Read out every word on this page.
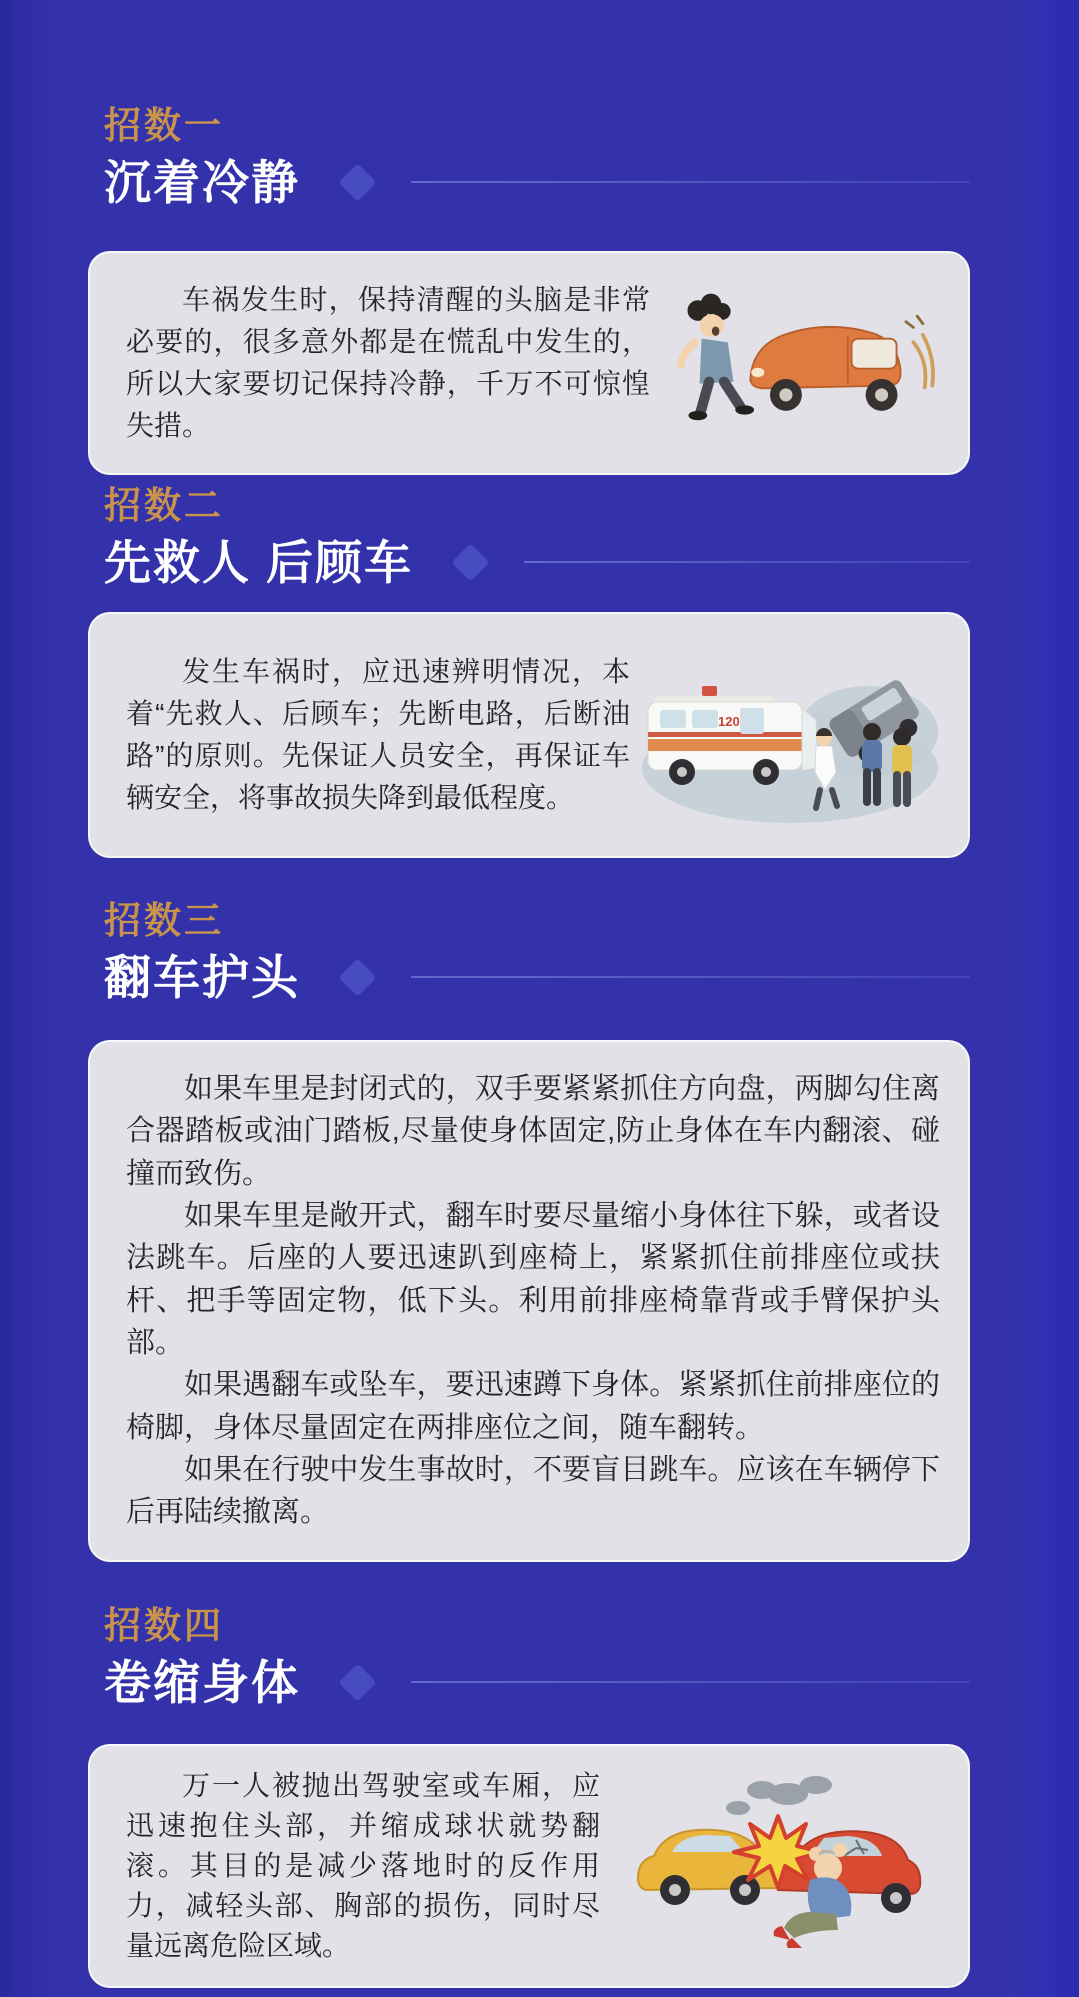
招数一
沉着冷静

车祸发生时，保持清醒的头脑是非常必要的，很多意外都是在慌乱中发生的，所以大家要切记保持冷静，千万不可惊惶失措。

招数二
先救人 后顾车

发生车祸时，应迅速辨明情况，本着“先救人、后顾车；先断电路，后断油路”的原则。先保证人员安全，再保证车辆安全，将事故损失降到最低程度。

120
招数三
翻车护头

如果车里是封闭式的，双手要紧紧抓住方向盘，两脚勾住离合器踏板或油门踏板,尽量使身体固定,防止身体在车内翻滚、碰撞而致伤。

如果车里是敞开式，翻车时要尽量缩小身体往下躲，或者设法跳车。后座的人要迅速趴到座椅上，紧紧抓住前排座位或扶杆、把手等固定物，低下头。利用前排座椅靠背或手臂保护头部。

如果遇翻车或坠车，要迅速蹲下身体。紧紧抓住前排座位的椅脚，身体尽量固定在两排座位之间，随车翻转。

如果在行驶中发生事故时，不要盲目跳车。应该在车辆停下后再陆续撤离。

招数四
卷缩身体

万一人被抛出驾驶室或车厢，应迅速抱住头部，并缩成球状就势翻滚。其目的是减少落地时的反作用力，减轻头部、胸部的损伤，同时尽量远离危险区域。
